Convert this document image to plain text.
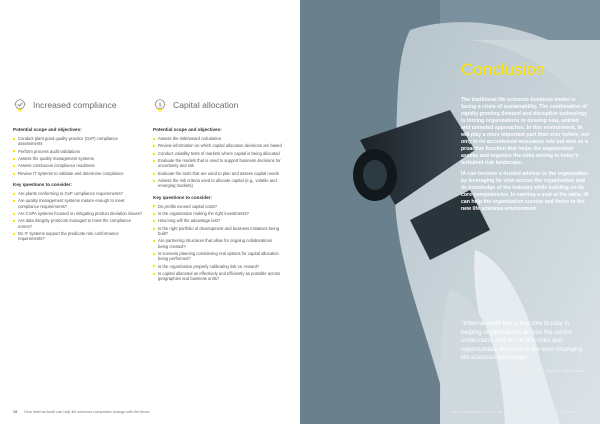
Increased compliance
Potential scope and objectives:
Conduct plant good quality practice (GxP) compliance assessments
Perform process audit validations
Assess the quality management systems
Assess continuous compliance readiness
Review IT systems to validate and determine compliance
Key questions to consider:
Are plants conforming to GxP compliance requirements?
Are quality management systems mature enough to meet compliance requirements?
Are CAPA systems focused on mitigating product deviation issues?
Are data integrity protocols managed to meet the compliance norms?
Do IT systems support the predicate rule conformance requirements?
$ Capital allocation
Potential scope and objectives:
Assess the risk/reward calculation
Review information on which capital allocation decisions are based
Conduct volatility tests of markets where capital is being allocated
Evaluate the models that is used to support business decisions for uncertainty and risk
Evaluate the tools that are used to plan and assess capital needs
Assess the risk criteria used to allocate capital (e.g., volatile and emerging markets)
Key questions to consider:
Do profits exceed capital costs?
Is the organization making the right investments?
How long will the advantage last?
Is the right portfolio of development and business initiatives being built?
Are partnering structures that allow for ongoing collaborations being created?
Is scenario planning considering real options for capital allocation being performed?
Is the organization properly calibrating risk vs. reward?
Is capital allocated as effectively and efficiently as possible across geographies and business units?
28 How Internal Audit can help life sciences companies change with the times
Conclusion

The traditional life sciences business model is facing a crisis of sustainability. The combination of rapidly growing demand and disruptive technology is forcing organizations to develop new, untried and untested approaches. In this environment, IA will play a more important part than ever before, not only in its accustomed assurance role but also as a proactive function that helps the organization assess and organize the risks arising in today's turbulent risk landscape.

IA can become a trusted advisor to the organization by leveraging its view across the organization and its knowledge of the industry while building on its core competencies. In earning a seat at the table, IA can help the organization survive and thrive in the new life sciences environment.

"Internal Audit has a key role to play in helping organizations across the sector understand and act on the risks and opportunities inherent in the ever-changing life sciences landscape."
Michael J. O'Leary, EY Global Leader
How Internal Audit can help life sciences companies change with the times 29
